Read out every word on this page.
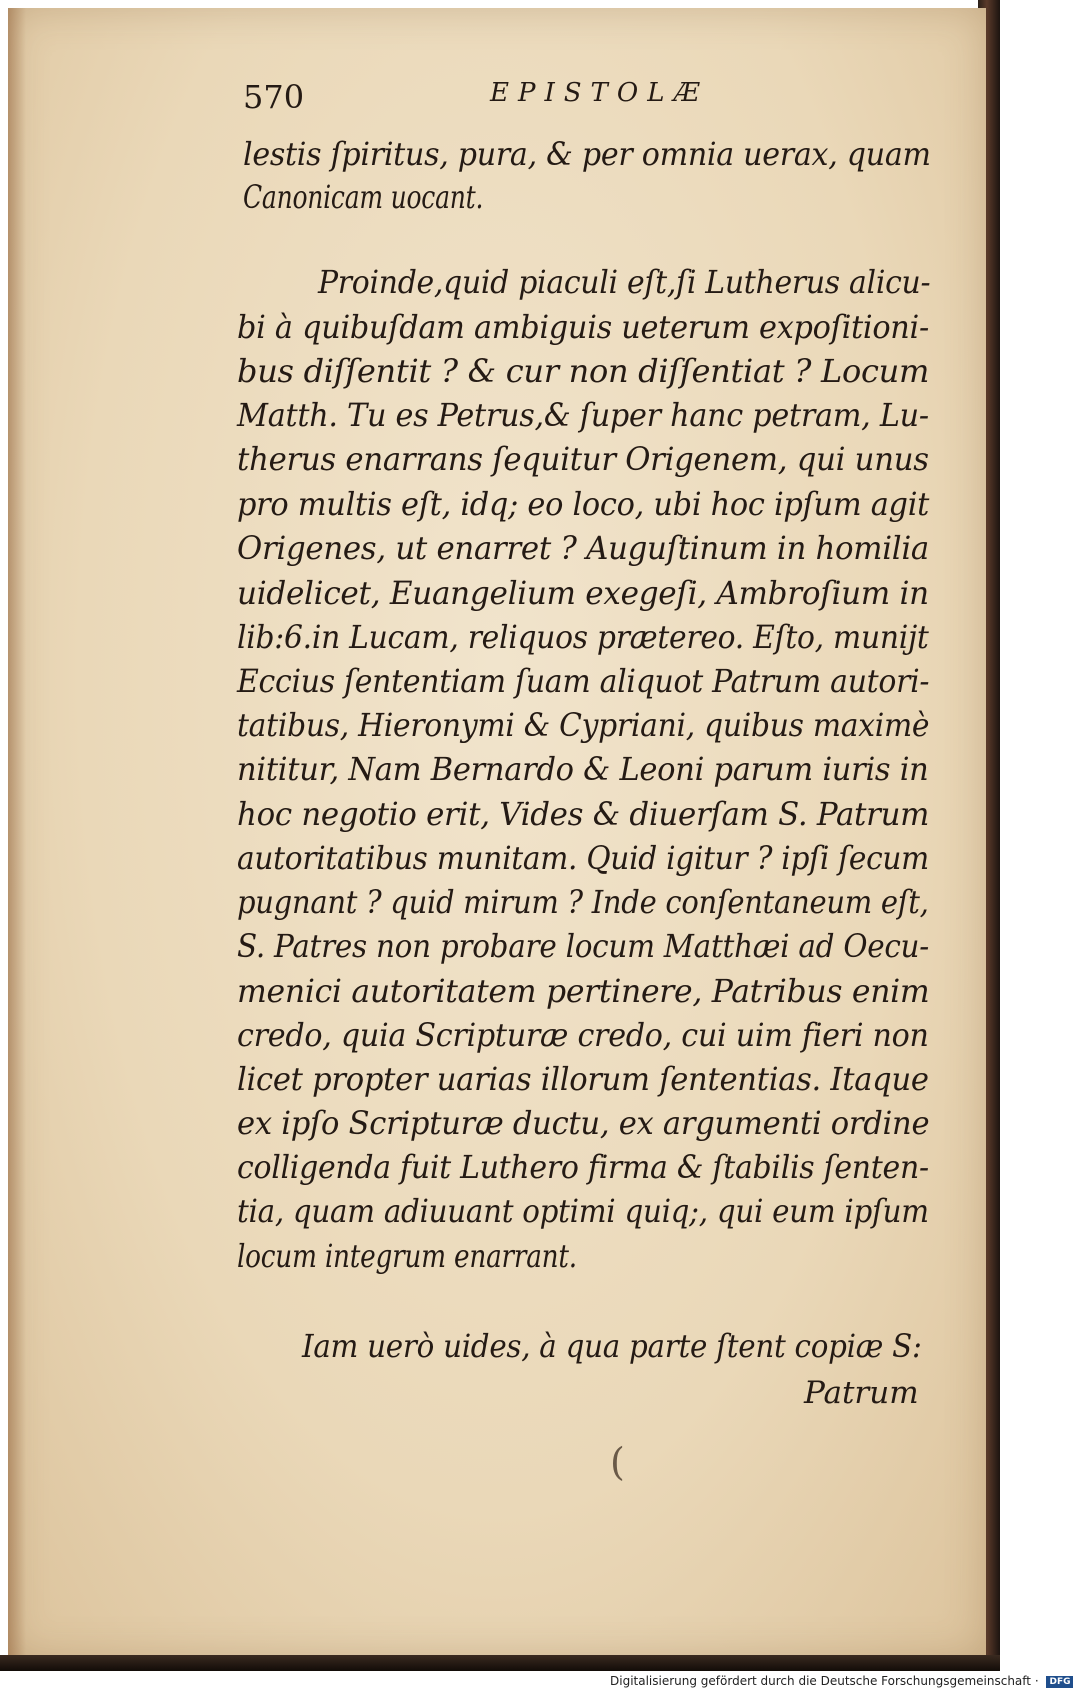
570	EPISTOLÆ

lestis ſpiritus, pura, & per omnia uerax, quam

Canonicam uocant.

Proinde,quid piaculi eſt,ſi Lutherus alicu-

bi à quibuſdam ambiguis ueterum expoſitioni-

bus diſſentit ? & cur non diſſentiat ? Locum

Matth. Tu es Petrus,& ſuper hanc petram, Lu-

therus enarrans ſequitur Origenem, qui unus

pro multis eſt, idq; eo loco, ubi hoc ipſum agit

Origenes, ut enarret ? Auguſtinum in homilia

uidelicet, Euangelium exegeſi, Ambroſium in

lib:6.in Lucam, reliquos prætereo. Eſto, munijt

Eccius ſententiam ſuam aliquot Patrum autori-

tatibus, Hieronymi & Cypriani, quibus maximè

nititur, Nam Bernardo & Leoni parum iuris in

hoc negotio erit, Vides & diuerſam S. Patrum

autoritatibus munitam. Quid igitur ? ipſi ſecum

pugnant ? quid mirum ? Inde conſentaneum eſt,

S. Patres non probare locum Matthæi ad Oecu-

menici autoritatem pertinere, Patribus enim

credo, quia Scripturæ credo, cui uim fieri non

licet propter uarias illorum ſententias. Itaque

ex ipſo Scripturæ ductu, ex argumenti ordine

colligenda fuit Luthero firma & ſtabilis ſenten-

tia, quam adiuuant optimi quiq;, qui eum ipſum

locum integrum enarrant.

Iam uerò uides, à qua parte ſtent copiæ S:

Patrum
(
Digitalisierung gefördert durch die Deutsche Forschungsgemeinschaft · DFG
